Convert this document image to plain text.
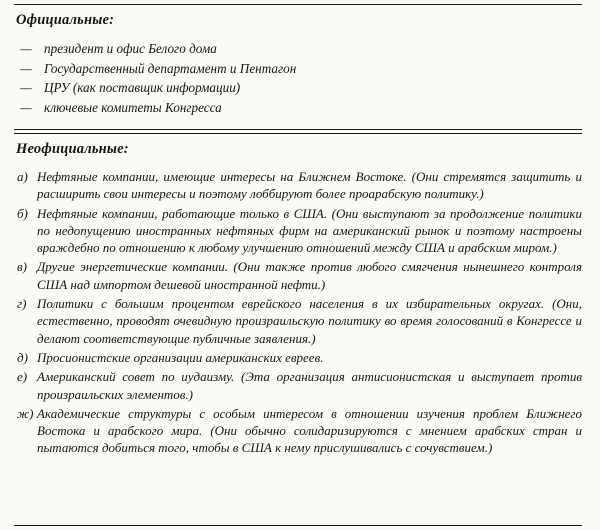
Официальные:
— президент и офис Белого дома
— Государственный департамент и Пентагон
— ЦРУ (как поставщик информации)
— ключевые комитеты Конгресса
Неофициальные:
а) Нефтяные компании, имеющие интересы на Ближнем Востоке. (Они стремятся защитить и расширить свои интересы и поэтому лоббируют более проарабскую политику.)
б) Нефтяные компании, работающие только в США. (Они выступают за продолжение политики по недопущению иностранных нефтяных фирм на американский рынок и поэтому настроены враждебно по отношению к любому улучшению отношений между США и арабским миром.)
в) Другие энергетические компании. (Они также против любого смягчения нынешнего контроля США над импортом дешевой иностранной нефти.)
г) Политики с большим процентом еврейского населения в их избирательных округах. (Они, естественно, проводят очевидную произраильскую политику во время голосований в Конгрессе и делают соответствующие публичные заявления.)
д) Просионистские организации американских евреев.
е) Американский совет по иудаизму. (Эта организация антисионистская и выступает против произраильских элементов.)
ж) Академические структуры с особым интересом в отношении изучения проблем Ближнего Востока и арабского мира. (Они обычно солидаризируются с мнением арабских стран и пытаются добиться того, чтобы в США к нему прислушивались с сочувствием.)
